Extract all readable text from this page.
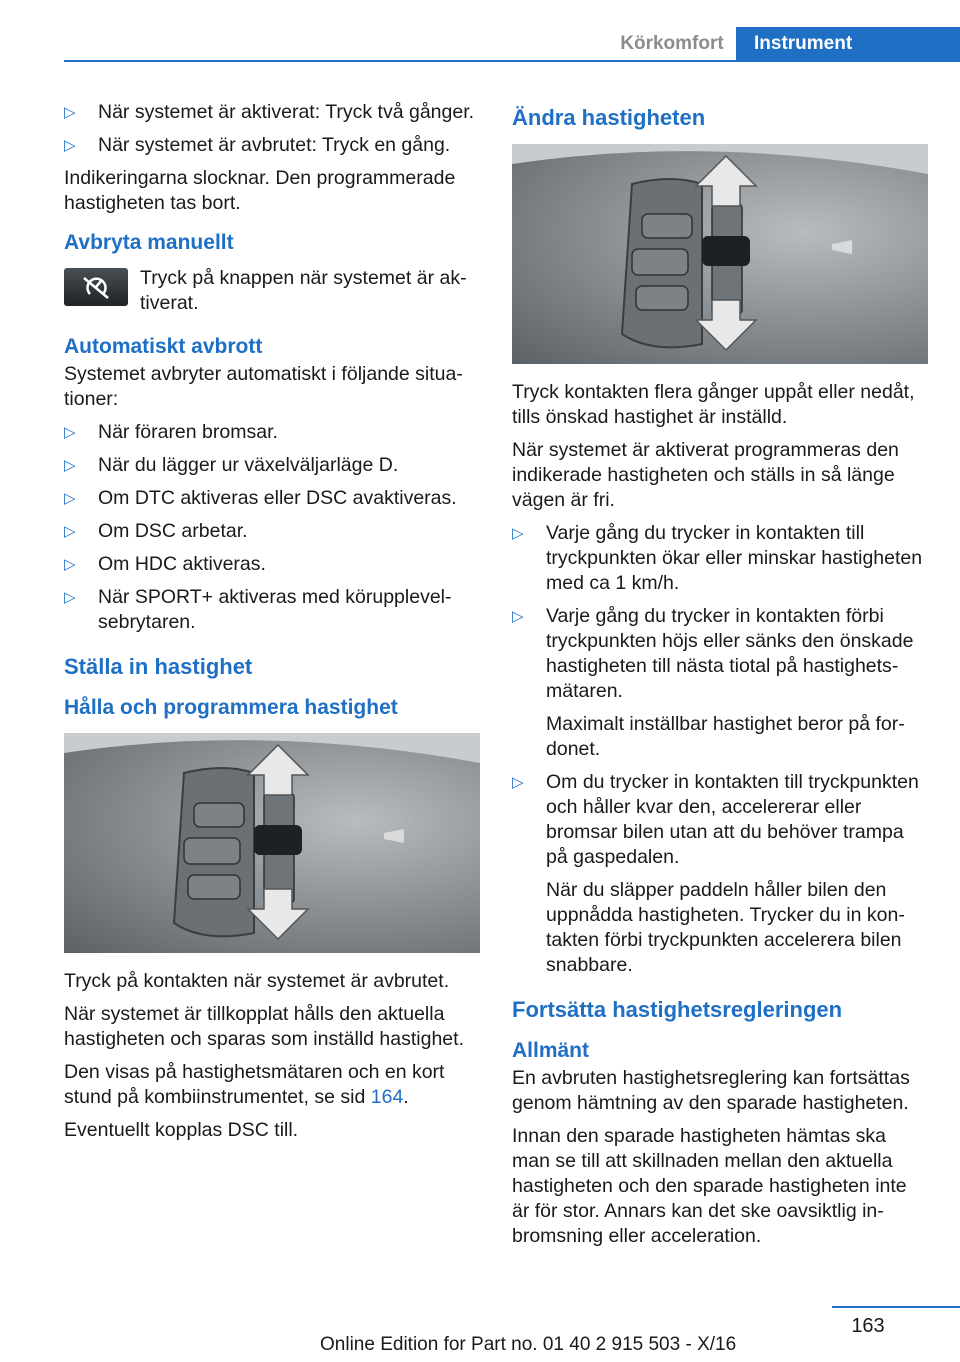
Körkomfort	Instrument
▷ När systemet är aktiverat: Tryck två gånger.
▷ När systemet är avbrutet: Tryck en gång.

Indikeringarna slocknar. Den programmerade hastigheten tas bort.

Avbryta manuellt
Tryck på knappen när systemet är aktiverat.
Automatiskt avbrott

Systemet avbryter automatiskt i följande situationer:

▷ När föraren bromsar.
▷ När du lägger ur växelväljarläge D.
▷ Om DTC aktiveras eller DSC avaktiveras.
▷ Om DSC arbetar.
▷ Om HDC aktiveras.
▷ När SPORT+ aktiveras med körupplevelsebrytaren.
Ställa in hastighet
Hålla och programmera hastighet

Tryck på kontakten när systemet är avbrutet.

När systemet är tillkopplat hålls den aktuella hastigheten och sparas som inställd hastighet.

Den visas på hastighetsmätaren och en kort stund på kombiinstrumentet, se sid 164.

Eventuellt kopplas DSC till.

Ändra hastigheten

Tryck kontakten flera gånger uppåt eller nedåt, tills önskad hastighet är inställd.

När systemet är aktiverat programmeras den indikerade hastigheten och ställs in så länge vägen är fri.

▷ Varje gång du trycker in kontakten till tryckpunkten ökar eller minskar hastigheten med ca 1 km/h.
▷ Varje gång du trycker in kontakten förbi tryckpunkten höjs eller sänks den önskade hastigheten till nästa tiotal på hastighetsmätaren.

Maximalt inställbar hastighet beror på fordonet.

▷ Om du trycker in kontakten till tryckpunkten och håller kvar den, accelererar eller bromsar bilen utan att du behöver trampa på gaspedalen.

När du släpper paddeln håller bilen den uppnådda hastigheten. Trycker du in kontakten förbi tryckpunkten accelerera bilen snabbare.

Fortsätta hastighetsregleringen
Allmänt

En avbruten hastighetsreglering kan fortsättas genom hämtning av den sparade hastigheten.

Innan den sparade hastigheten hämtas ska man se till att skillnaden mellan den aktuella hastigheten och den sparade hastigheten inte är för stor. Annars kan det ske oavsiktlig inbromsning eller acceleration.

163
Online Edition for Part no. 01 40 2 915 503 - X/16
